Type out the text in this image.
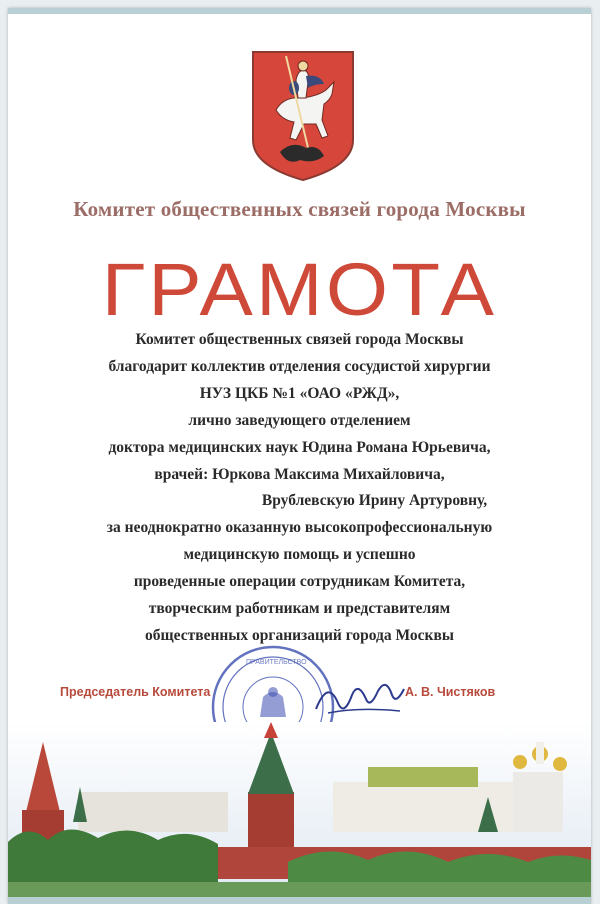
Комитет общественных связей города Москвы
ГРАМОТА
Комитет общественных связей города Москвы
благодарит коллектив отделения сосудистой хирургии
НУЗ ЦКБ №1 «ОАО «РЖД»,
лично заведующего отделением
доктора медицинских наук Юдина Романа Юрьевича,
врачей: Юркова Максима Михайловича,
Врублевскую Ирину Артуровну,
за неоднократно оказанную высокопрофессиональную
медицинскую помощь и успешно
проведенные операции сотрудникам Комитета,
творческим работникам и представителям
общественных организаций города Москвы
ПРАВИТЕЛЬСТВО
Председатель Комитета	А. В. Чистяков
